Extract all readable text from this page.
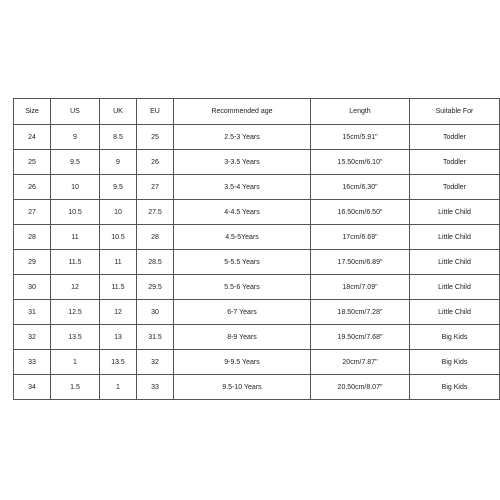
Size	US	UK	EU	Recommended age	Length	Suitable For
24	9	8.5	25	2.5-3 Years	15cm/5.91"	Toddler
25	9.5	9	26	3-3.5 Years	15.50cm/6.10"	Toddler
26	10	9.5	27	3.5-4 Years	16cm/6.30"	Toddler
27	10.5	10	27.5	4-4.5 Years	16.50cm/6.50"	Little Child
28	11	10.5	28	4.5-5Years	17cm/6.69"	Little Child
29	11.5	11	28.5	5-5.5 Years	17.50cm/6.89"	Little Child
30	12	11.5	29.5	5.5-6 Years	18cm/7.09"	Little Child
31	12.5	12	30	6-7 Years	18.50cm/7.28"	Little Child
32	13.5	13	31.5	8-9 Years	19.50cm/7.68"	Big Kids
33	1	13.5	32	9-9.5 Years	20cm/7.87"	Big Kids
34	1.5	1	33	9.5-10 Years	20.50cm/8.07"	Big Kids
